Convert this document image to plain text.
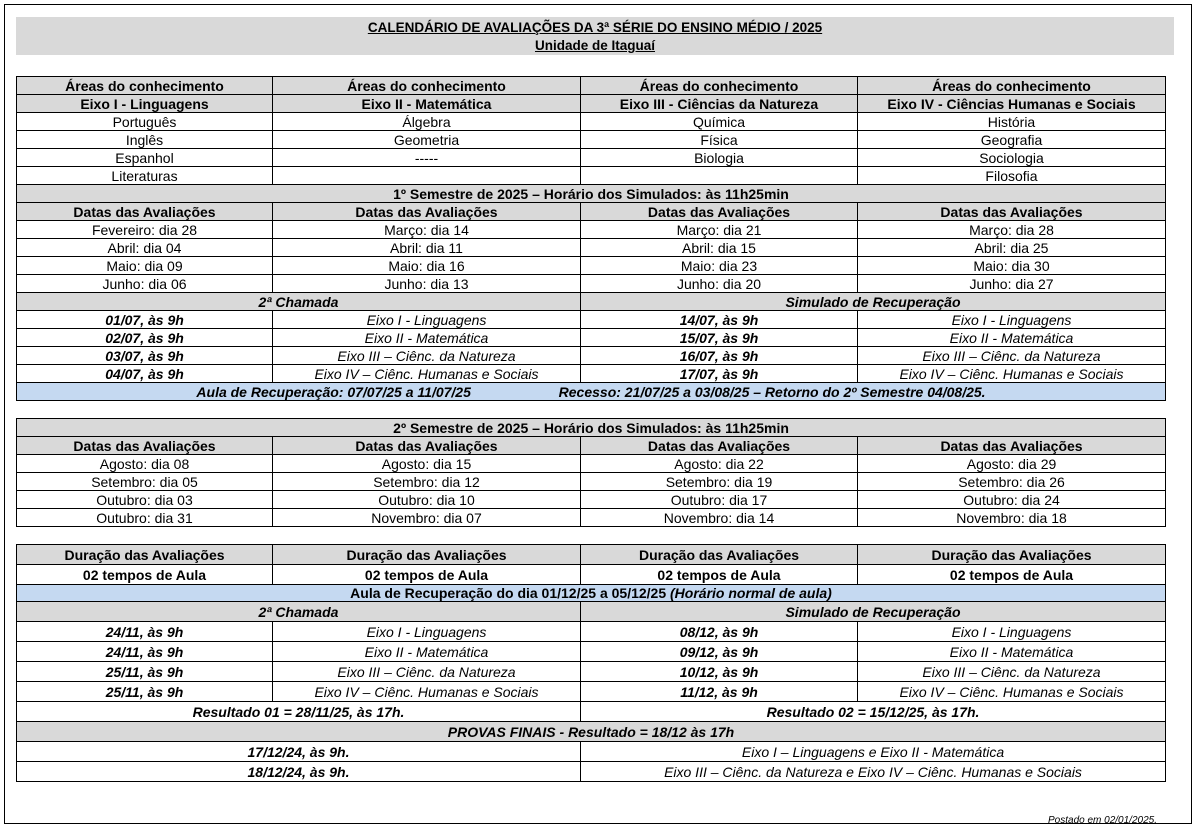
CALENDÁRIO DE AVALIAÇÕES DA 3ª SÉRIE DO ENSINO MÉDIO / 2025
Unidade de Itaguaí
Áreas do conhecimento	Áreas do conhecimento	Áreas do conhecimento	Áreas do conhecimento
Eixo I - Linguagens	Eixo II - Matemática	Eixo III - Ciências da Natureza	Eixo IV - Ciências Humanas e Sociais
Português	Álgebra	Química	História
Inglês	Geometria	Física	Geografia
Espanhol	-----	Biologia	Sociologia
Literaturas			Filosofia
1º Semestre de 2025 – Horário dos Simulados: às 11h25min			
Datas das Avaliações	Datas das Avaliações	Datas das Avaliações	Datas das Avaliações
Fevereiro: dia 28	Março: dia 14	Março: dia 21	Março: dia 28
Abril: dia 04	Abril: dia 11	Abril: dia 15	Abril: dia 25
Maio: dia 09	Maio: dia 16	Maio: dia 23	Maio: dia 30
Junho: dia 06	Junho: dia 13	Junho: dia 20	Junho: dia 27
2ª Chamada		Simulado de Recuperação	
01/07, às 9h	Eixo I - Linguagens	14/07, às 9h	Eixo I - Linguagens
02/07, às 9h	Eixo II - Matemática	15/07, às 9h	Eixo II - Matemática
03/07, às 9h	Eixo III – Ciênc. da Natureza	16/07, às 9h	Eixo III – Ciênc. da Natureza
04/07, às 9h	Eixo IV – Ciênc. Humanas e Sociais	17/07, às 9h	Eixo IV – Ciênc. Humanas e Sociais
Aula de Recuperação: 07/07/25 a 11/07/25 Recesso: 21/07/25 a 03/08/25 – Retorno do 2º Semestre 04/08/25.			
2º Semestre de 2025 – Horário dos Simulados: às 11h25min			
Datas das Avaliações	Datas das Avaliações	Datas das Avaliações	Datas das Avaliações
Agosto: dia 08	Agosto: dia 15	Agosto: dia 22	Agosto: dia 29
Setembro: dia 05	Setembro: dia 12	Setembro: dia 19	Setembro: dia 26
Outubro: dia 03	Outubro: dia 10	Outubro: dia 17	Outubro: dia 24
Outubro: dia 31	Novembro: dia 07	Novembro: dia 14	Novembro: dia 18
Duração das Avaliações	Duração das Avaliações	Duração das Avaliações	Duração das Avaliações
02 tempos de Aula	02 tempos de Aula	02 tempos de Aula	02 tempos de Aula
Aula de Recuperação do dia 01/12/25 a 05/12/25 (Horário normal de aula)			
2ª Chamada		Simulado de Recuperação	
24/11, às 9h	Eixo I - Linguagens	08/12, às 9h	Eixo I - Linguagens
24/11, às 9h	Eixo II - Matemática	09/12, às 9h	Eixo II - Matemática
25/11, às 9h	Eixo III – Ciênc. da Natureza	10/12, às 9h	Eixo III – Ciênc. da Natureza
25/11, às 9h	Eixo IV – Ciênc. Humanas e Sociais	11/12, às 9h	Eixo IV – Ciênc. Humanas e Sociais
Resultado 01 = 28/11/25, às 17h.		Resultado 02 = 15/12/25, às 17h.	
PROVAS FINAIS - Resultado = 18/12 às 17h			
17/12/24, às 9h.		Eixo I – Linguagens e Eixo II - Matemática	
18/12/24, às 9h.		Eixo III – Ciênc. da Natureza e Eixo IV – Ciênc. Humanas e Sociais	
Postado em 02/01/2025.
